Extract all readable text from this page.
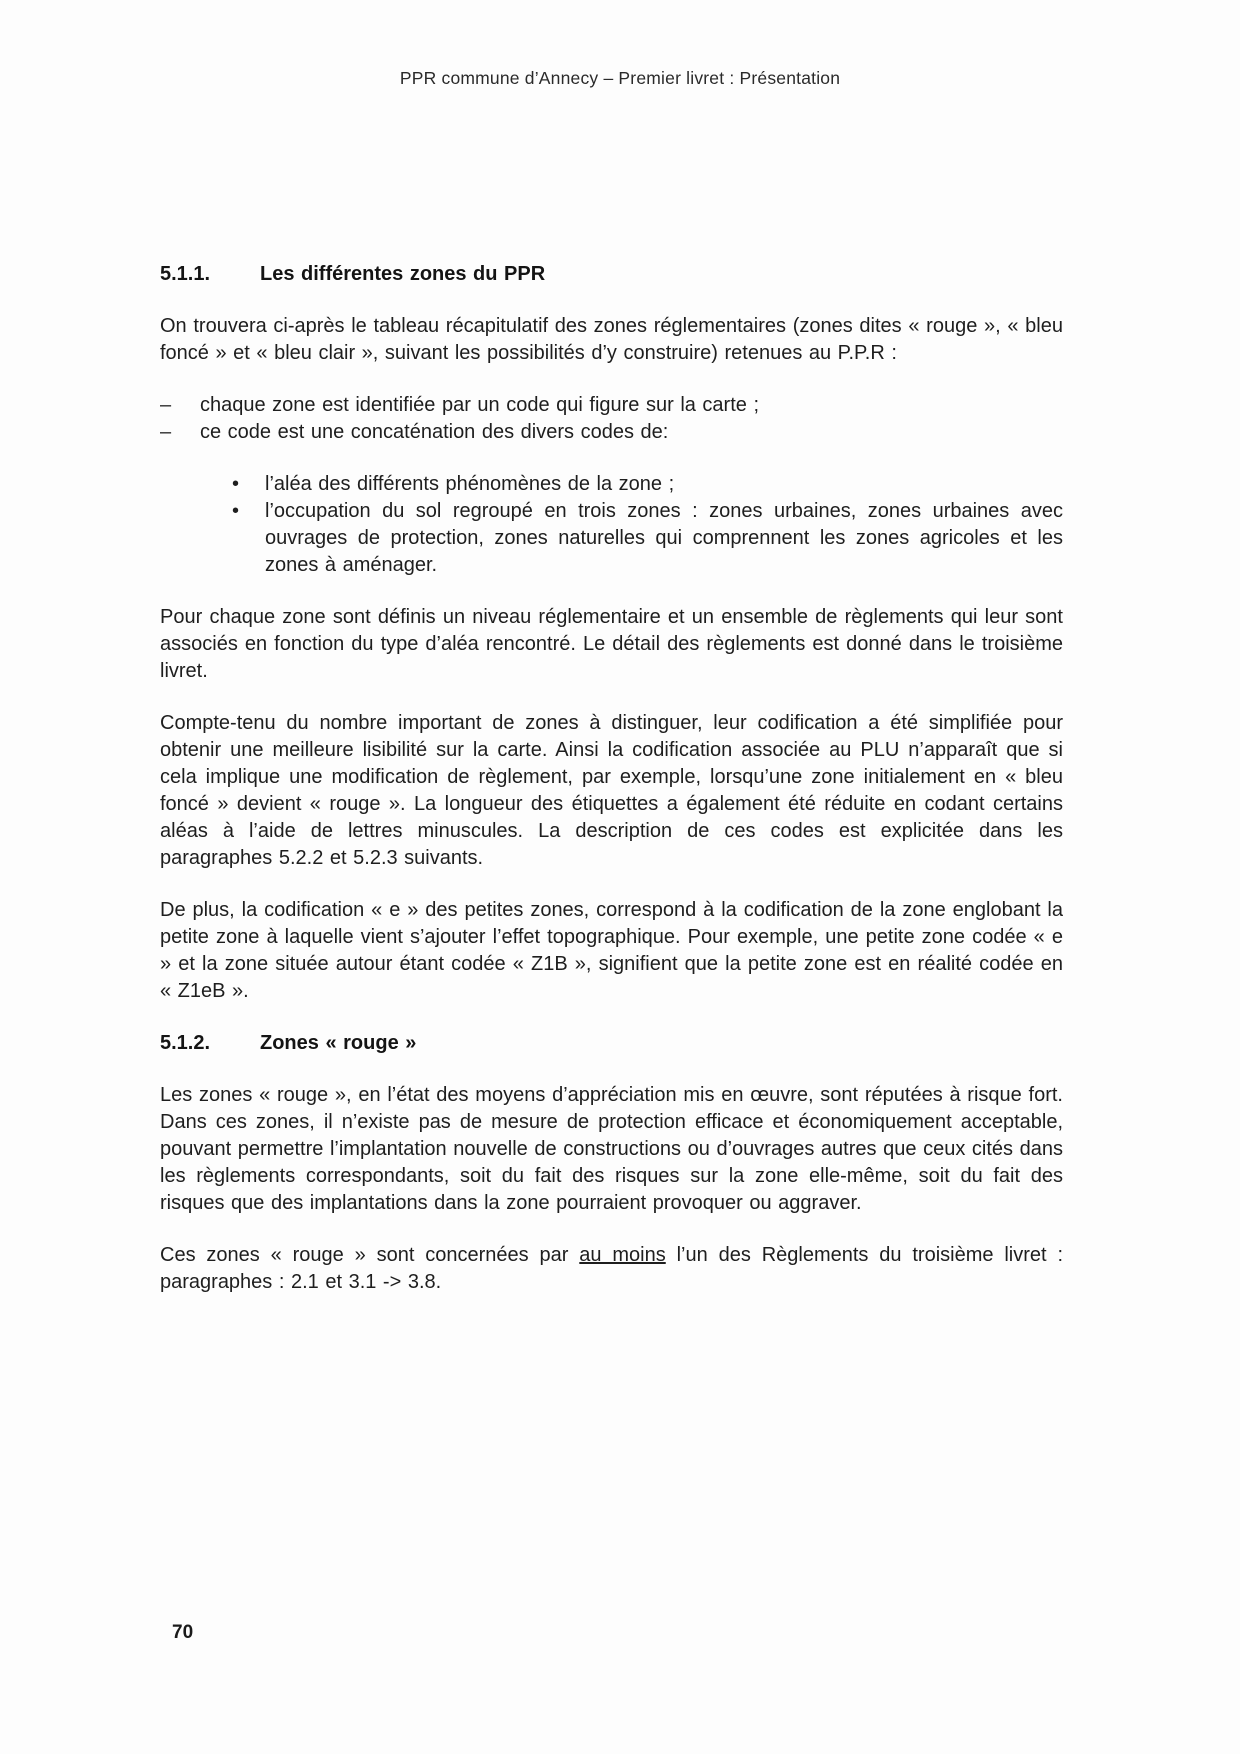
PPR commune d’Annecy – Premier livret : Présentation
5.1.1. Les différentes zones du PPR

On trouvera ci-après le tableau récapitulatif des zones réglementaires (zones dites « rouge », « bleu foncé » et « bleu clair », suivant les possibilités d’y construire) retenues au P.P.R :

–	chaque zone est identifiée par un code qui figure sur la carte ;
–	ce code est une concaténation des divers codes de:
•	l’aléa des différents phénomènes de la zone ;
•	l’occupation du sol regroupé en trois zones : zones urbaines, zones urbaines avec ouvrages de protection, zones naturelles qui comprennent les zones agricoles et les zones à aménager.

Pour chaque zone sont définis un niveau réglementaire et un ensemble de règlements qui leur sont associés en fonction du type d’aléa rencontré. Le détail des règlements est donné dans le troisième livret.

Compte-tenu du nombre important de zones à distinguer, leur codification a été simplifiée pour obtenir une meilleure lisibilité sur la carte. Ainsi la codification associée au PLU n’apparaît que si cela implique une modification de règlement, par exemple, lorsqu’une zone initialement en « bleu foncé » devient « rouge ». La longueur des étiquettes a également été réduite en codant certains aléas à l’aide de lettres minuscules. La description de ces codes est explicitée dans les paragraphes 5.2.2 et 5.2.3 suivants.

De plus, la codification « e » des petites zones, correspond à la codification de la zone englobant la petite zone à laquelle vient s’ajouter l’effet topographique. Pour exemple, une petite zone codée « e » et la zone située autour étant codée « Z1B », signifient que la petite zone est en réalité codée en « Z1eB ».

5.1.2. Zones « rouge »

Les zones « rouge », en l’état des moyens d’appréciation mis en œuvre, sont réputées à risque fort. Dans ces zones, il n’existe pas de mesure de protection efficace et économiquement acceptable, pouvant permettre l’implantation nouvelle de constructions ou d’ouvrages autres que ceux cités dans les règlements correspondants, soit du fait des risques sur la zone elle-même, soit du fait des risques que des implantations dans la zone pourraient provoquer ou aggraver.

Ces zones « rouge » sont concernées par au moins l’un des Règlements du troisième livret : paragraphes : 2.1 et 3.1 -> 3.8.

70
